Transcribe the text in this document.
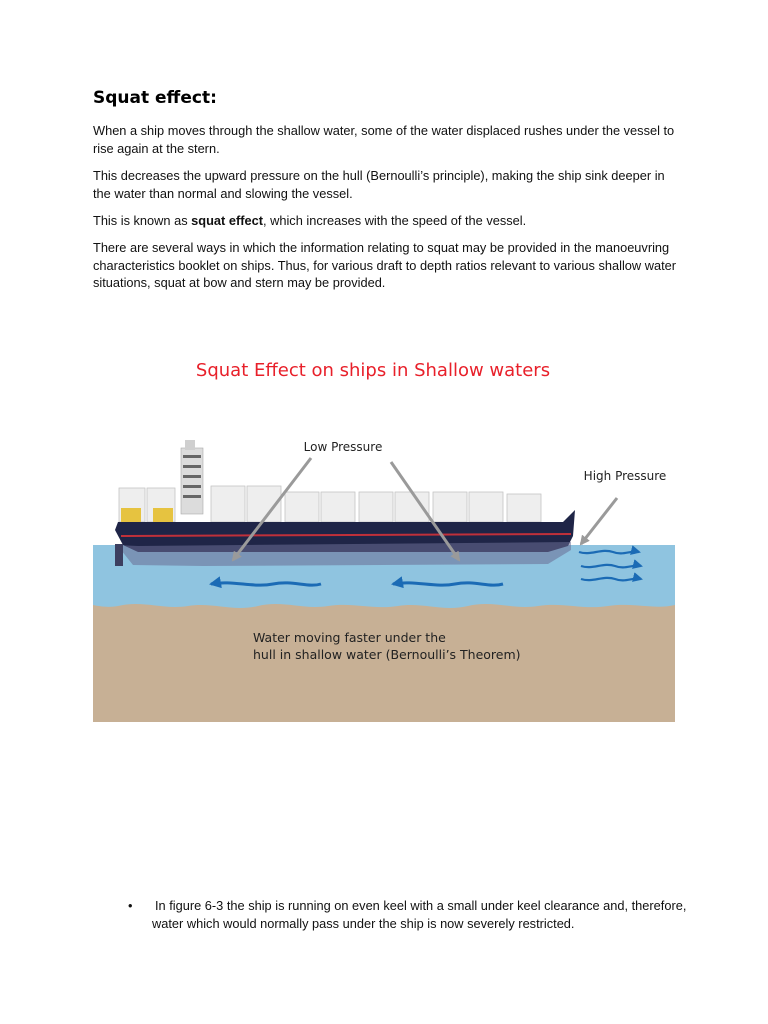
Squat effect:

When a ship moves through the shallow water, some of the water displaced rushes under the vessel to rise again at the stern.

This decreases the upward pressure on the hull (Bernoulli’s principle), making the ship sink deeper in the water than normal and slowing the vessel.

This is known as squat effect, which increases with the speed of the vessel.

There are several ways in which the information relating to squat may be provided in the manoeuvring characteristics booklet on ships. Thus, for various draft to depth ratios relevant to various shallow water situations, squat at bow and stern may be provided.

Squat Effect on ships in Shallow waters
Low Pressure
High Pressure
Water moving faster under the
hull in shallow water (Bernoulli’s Theorem)
• In figure 6-3 the ship is running on even keel with a small under keel clearance and, therefore, water which would normally pass under the ship is now severely restricted.
